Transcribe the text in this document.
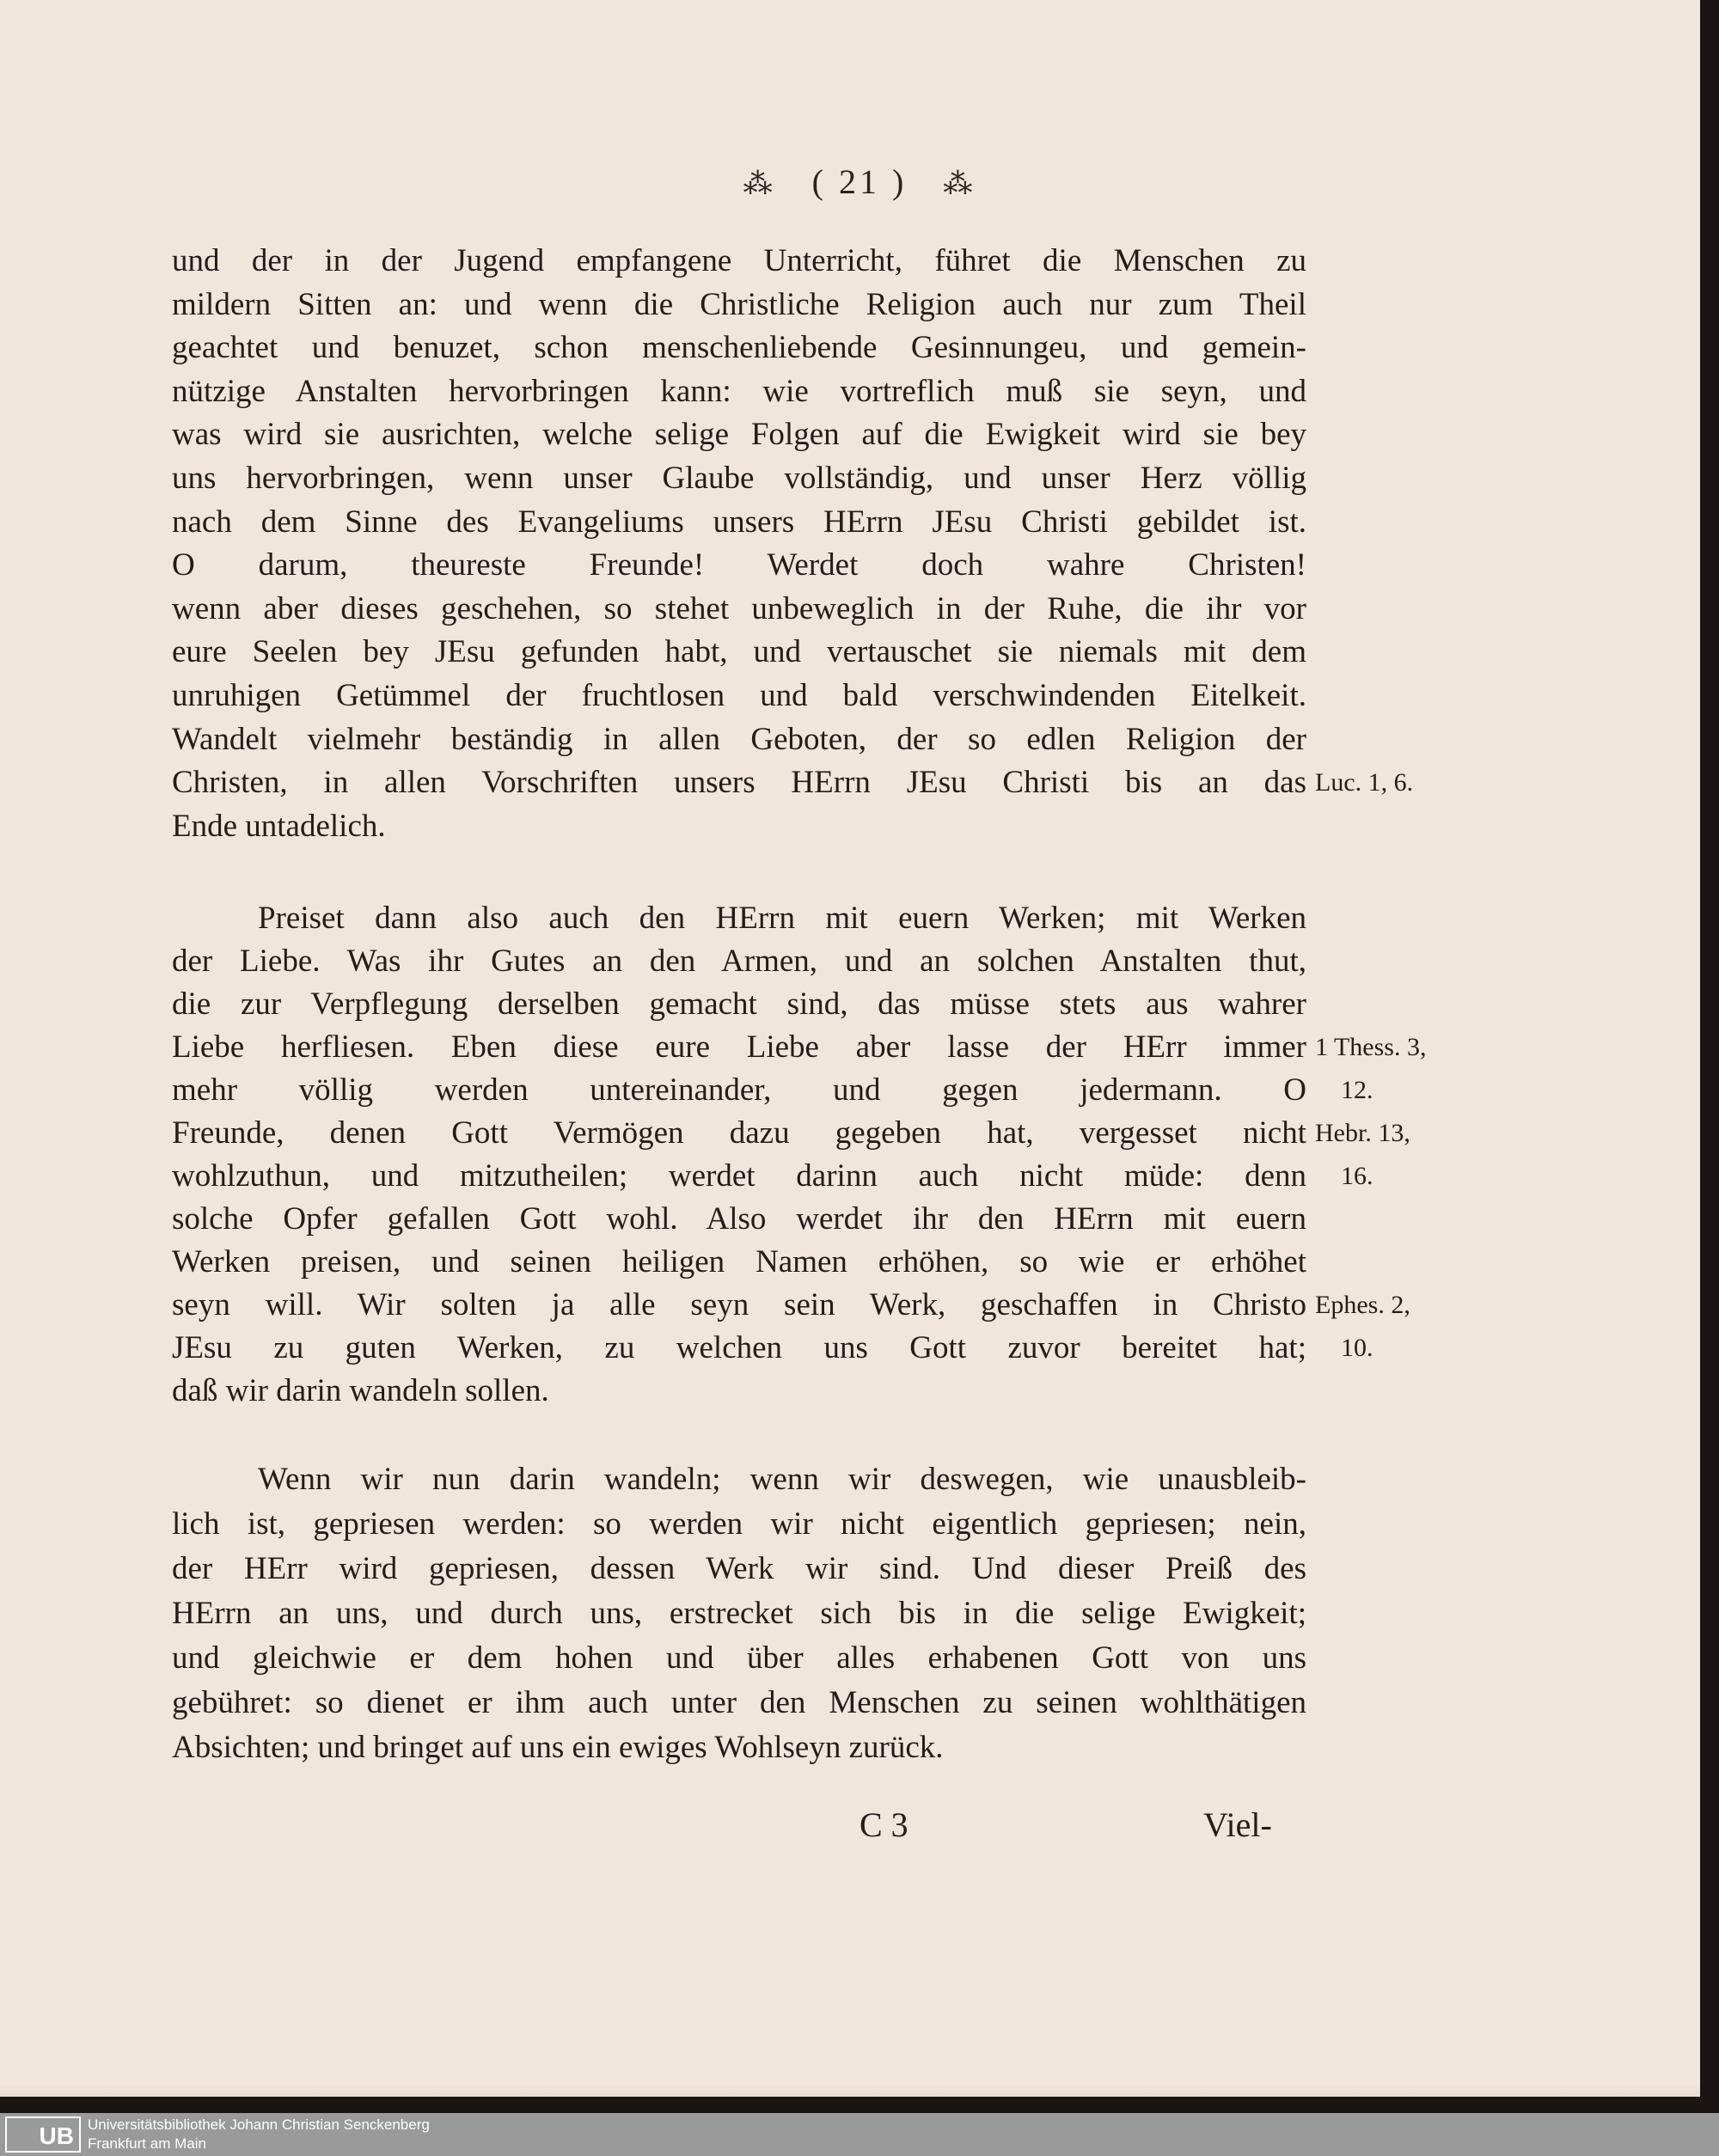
⁂ ( 21 ) ⁂
und der in der Jugend empfangene Unterricht, führet die Menschen zu
mildern Sitten an: und wenn die Christliche Religion auch nur zum Theil
geachtet und benuzet, schon menschenliebende Gesinnungeu, und gemein-
nützige Anstalten hervorbringen kann: wie vortreflich muß sie seyn, und
was wird sie ausrichten, welche selige Folgen auf die Ewigkeit wird sie bey
uns hervorbringen, wenn unser Glaube vollständig, und unser Herz völlig
nach dem Sinne des Evangeliums unsers HErrn JEsu Christi gebildet ist.
O darum, theureste Freunde! Werdet doch wahre Christen!
wenn aber dieses geschehen, so stehet unbeweglich in der Ruhe, die ihr vor
eure Seelen bey JEsu gefunden habt, und vertauschet sie niemals mit dem
unruhigen Getümmel der fruchtlosen und bald verschwindenden Eitelkeit.
Wandelt vielmehr beständig in allen Geboten, der so edlen Religion der
Christen, in allen Vorschriften unsers HErrn JEsu Christi bis an das
Ende untadelich.
Preiset dann also auch den HErrn mit euern Werken; mit Werken
der Liebe. Was ihr Gutes an den Armen, und an solchen Anstalten thut,
die zur Verpflegung derselben gemacht sind, das müsse stets aus wahrer
Liebe herfliesen. Eben diese eure Liebe aber lasse der HErr immer
mehr völlig werden untereinander, und gegen jedermann. O
Freunde, denen Gott Vermögen dazu gegeben hat, vergesset nicht
wohlzuthun, und mitzutheilen; werdet darinn auch nicht müde: denn
solche Opfer gefallen Gott wohl. Also werdet ihr den HErrn mit euern
Werken preisen, und seinen heiligen Namen erhöhen, so wie er erhöhet
seyn will. Wir solten ja alle seyn sein Werk, geschaffen in Christo
JEsu zu guten Werken, zu welchen uns Gott zuvor bereitet hat;
daß wir darin wandeln sollen.
Wenn wir nun darin wandeln; wenn wir deswegen, wie unausbleib-
lich ist, gepriesen werden: so werden wir nicht eigentlich gepriesen; nein,
der HErr wird gepriesen, dessen Werk wir sind. Und dieser Preiß des
HErrn an uns, und durch uns, erstrecket sich bis in die selige Ewigkeit;
und gleichwie er dem hohen und über alles erhabenen Gott von uns
gebühret: so dienet er ihm auch unter den Menschen zu seinen wohlthätigen
Absichten; und bringet auf uns ein ewiges Wohlseyn zurück.
Luc. 1, 6.
1 Thess. 3,
12.
Hebr. 13,
16.
Ephes. 2,
10.
C 3	Viel-
UB Universitätsbibliothek Johann Christian Senckenberg
Frankfurt am Main
